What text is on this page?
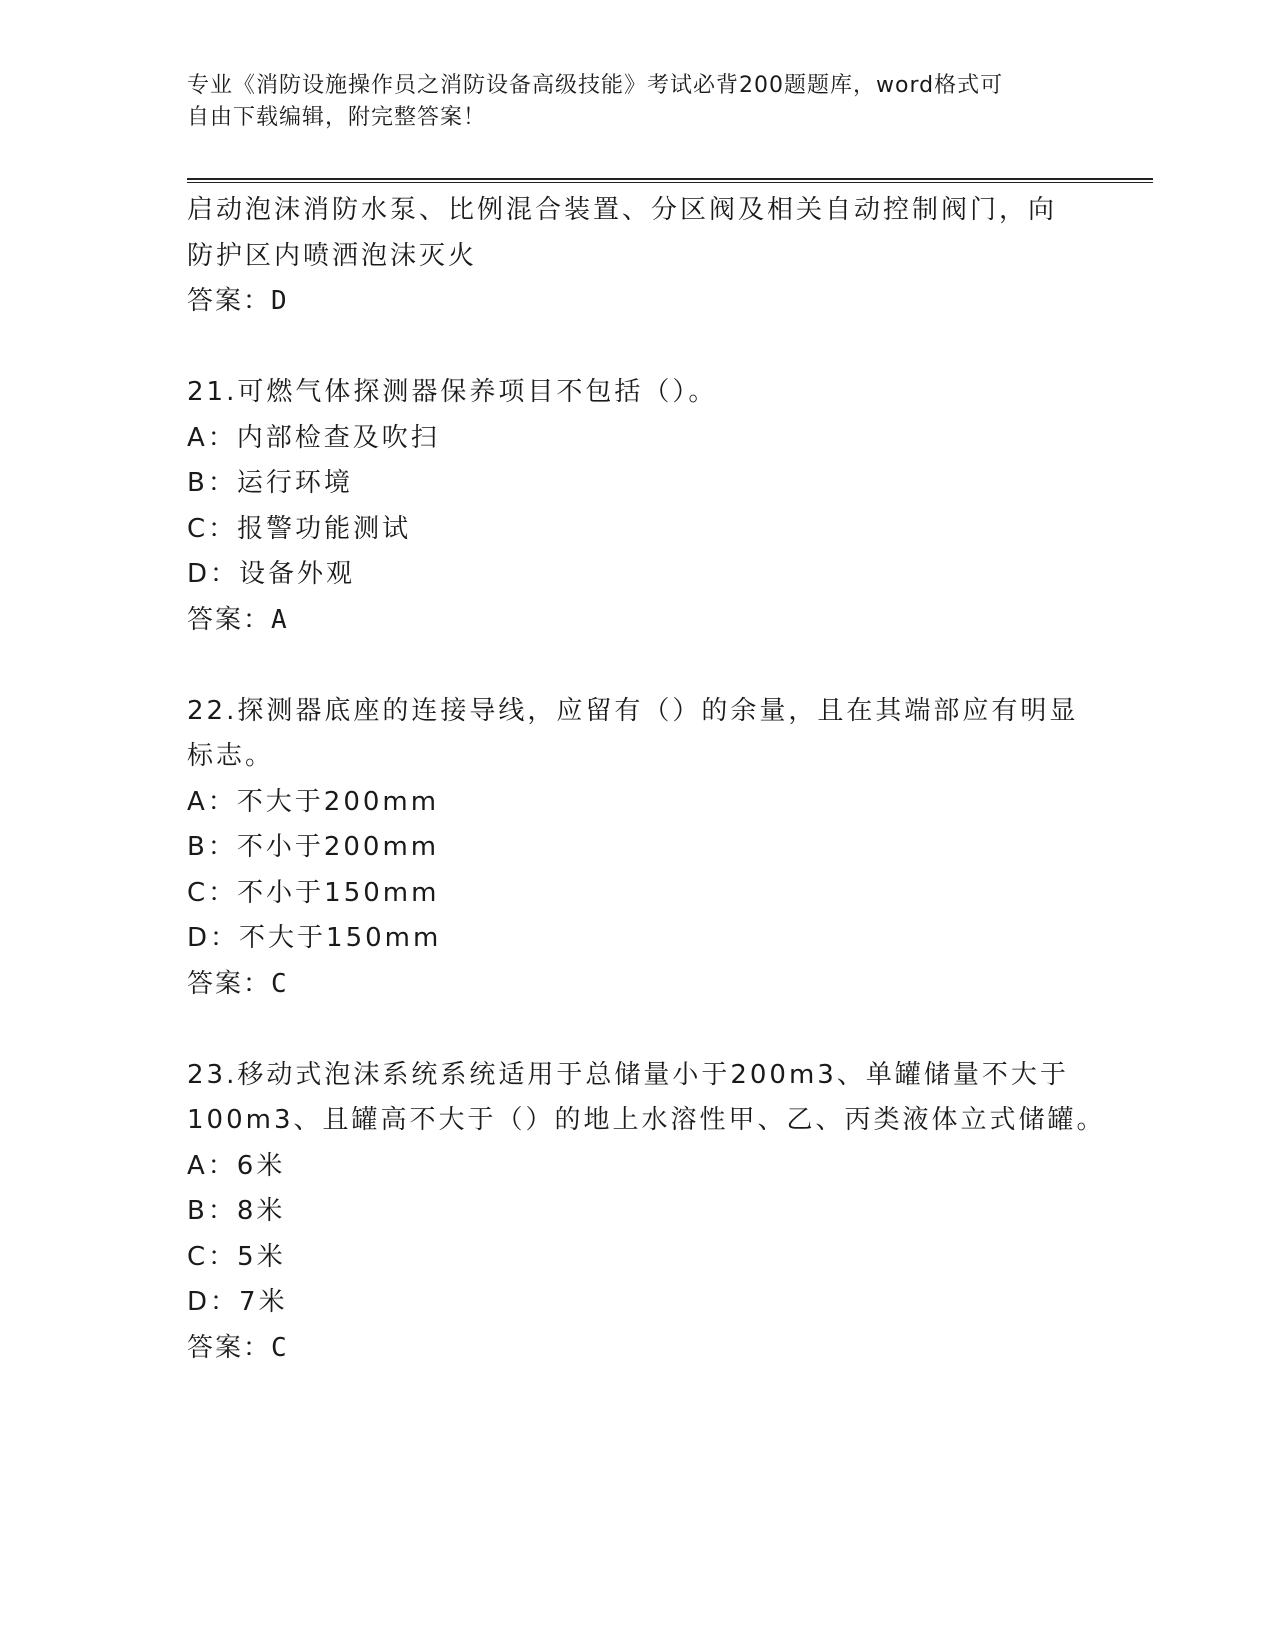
专业《消防设施操作员之消防设备高级技能》考试必背200题题库，word格式可
自由下载编辑，附完整答案！
启动泡沫消防水泵、比例混合装置、分区阀及相关自动控制阀门，向
防护区内喷洒泡沫灭火
答案：D
21.可燃气体探测器保养项目不包括（）。
A：内部检查及吹扫
B：运行环境
C：报警功能测试
D：设备外观
答案：A
22.探测器底座的连接导线，应留有（）的余量，且在其端部应有明显
标志。
A：不大于200mm
B：不小于200mm
C：不小于150mm
D：不大于150mm
答案：C
23.移动式泡沫系统系统适用于总储量小于200m3、单罐储量不大于
100m3、且罐高不大于（）的地上水溶性甲、乙、丙类液体立式储罐。
A：6米
B：8米
C：5米
D：7米
答案：C
